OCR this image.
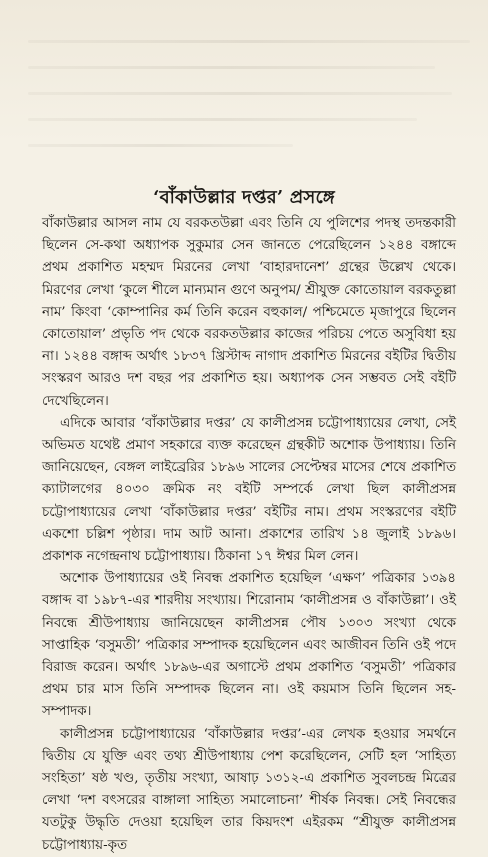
‘বাঁকাউল্লার দপ্তর’ প্রসঙ্গে

বাঁকাউল্লার আসল নাম যে বরকতউল্লা এবং তিনি যে পুলিশের পদস্থ তদন্তকারী ছিলেন সে-কথা অধ্যাপক সুকুমার সেন জানতে পেরেছিলেন ১২৪৪ বঙ্গাব্দে প্রথম প্রকাশিত মহম্মদ মিরনের লেখা ‘বাহারদানেশ’ গ্রন্থের উল্লেখ থেকে। মিরণের লেখা ‘কুলে শীলে মান্যমান গুণে অনুপম/ শ্রীযুক্ত কোতোয়াল বরকতুল্লা নাম’ কিংবা ‘কোম্পানির কর্ম তিনি করেন বহুকাল/ পশ্চিমেতে মৃজাপুরে ছিলেন কোতোয়াল’ প্রভৃতি পদ থেকে বরকতউল্লার কাজের পরিচয় পেতে অসুবিধা হয় না। ১২৪৪ বঙ্গাব্দ অর্থাৎ ১৮৩৭ খ্রিস্টাব্দ নাগাদ প্রকাশিত মিরনের বইটির দ্বিতীয় সংস্করণ আরও দশ বছর পর প্রকাশিত হয়। অধ্যাপক সেন সম্ভবত সেই বইটি দেখেছিলেন।

এদিকে আবার ‘বাঁকাউল্লার দপ্তর’ যে কালীপ্রসন্ন চট্টোপাধ্যায়ের লেখা, সেই অভিমত যথেষ্ট প্রমাণ সহকারে ব্যক্ত করেছেন গ্রন্থকীট অশোক উপাধ্যায়। তিনি জানিয়েছেন, বেঙ্গল লাইব্রেরির ১৮৯৬ সালের সেপ্টেম্বর মাসের শেষে প্রকাশিত ক্যাটালগের ৪০৩০ ক্রমিক নং বইটি সম্পর্কে লেখা ছিল কালীপ্রসন্ন চট্টোপাধ্যায়ের লেখা ‘বাঁকাউল্লার দপ্তর’ বইটির নাম। প্রথম সংস্করণের বইটি একশো চল্লিশ পৃষ্ঠার। দাম আট আনা। প্রকাশের তারিখ ১৪ জুলাই ১৮৯৬। প্রকাশক নগেন্দ্রনাথ চট্টোপাধ্যায়। ঠিকানা ১৭ ঈশ্বর মিল লেন।

অশোক উপাধ্যায়ের ওই নিবন্ধ প্রকাশিত হয়েছিল ‘এক্ষণ’ পত্রিকার ১৩৯৪ বঙ্গাব্দ বা ১৯৮৭-এর শারদীয় সংখ্যায়। শিরোনাম ‘কালীপ্রসন্ন ও বাঁকাউল্লা’। ওই নিবন্ধে শ্রীউপাধ্যায় জানিয়েছেন কালীপ্রসন্ন পৌষ ১৩০৩ সংখ্যা থেকে সাপ্তাহিক ‘বসুমতী’ পত্রিকার সম্পাদক হয়েছিলেন এবং আজীবন তিনি ওই পদে বিরাজ করেন। অর্থাৎ ১৮৯৬-এর অগাস্টে প্রথম প্রকাশিত ‘বসুমতী’ পত্রিকার প্রথম চার মাস তিনি সম্পাদক ছিলেন না। ওই কয়মাস তিনি ছিলেন সহ-সম্পাদক।

কালীপ্রসন্ন চট্টোপাধ্যায়ের ‘বাঁকাউল্লার দপ্তর’-এর লেখক হওয়ার সমর্থনে দ্বিতীয় যে যুক্তি এবং তথ্য শ্রীউপাধ্যায় পেশ করেছিলেন, সেটি হল ‘সাহিত্য সংহিতা’ ষষ্ঠ খণ্ড, তৃতীয় সংখ্যা, আষাঢ় ১৩১২-এ প্রকাশিত সুবলচন্দ্র মিত্রের লেখা ‘দশ বৎসরের বাঙ্গালা সাহিত্য সমালোচনা’ শীর্ষক নিবন্ধ। সেই নিবন্ধের যতটুকু উদ্ধৃতি দেওয়া হয়েছিল তার কিয়দংশ এইরকম “শ্রীযুক্ত কালীপ্রসন্ন চট্টোপাধ্যায়-কৃত
